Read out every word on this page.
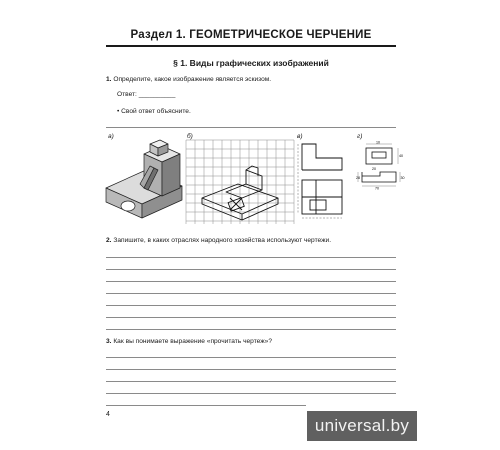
Раздел 1. ГЕОМЕТРИЧЕСКОЕ ЧЕРЧЕНИЕ
§ 1. Виды графических изображений
1. Определите, какое изображение является эскизом.
Ответ: __________
• Свой ответ объясните.
а)	б)	в)	г)
10
40
20
28
70
30
2. Запишите, в каких отраслях народного хозяйства используют чертежи.
3. Как вы понимаете выражение «прочитать чертеж»?
4
universal.by
